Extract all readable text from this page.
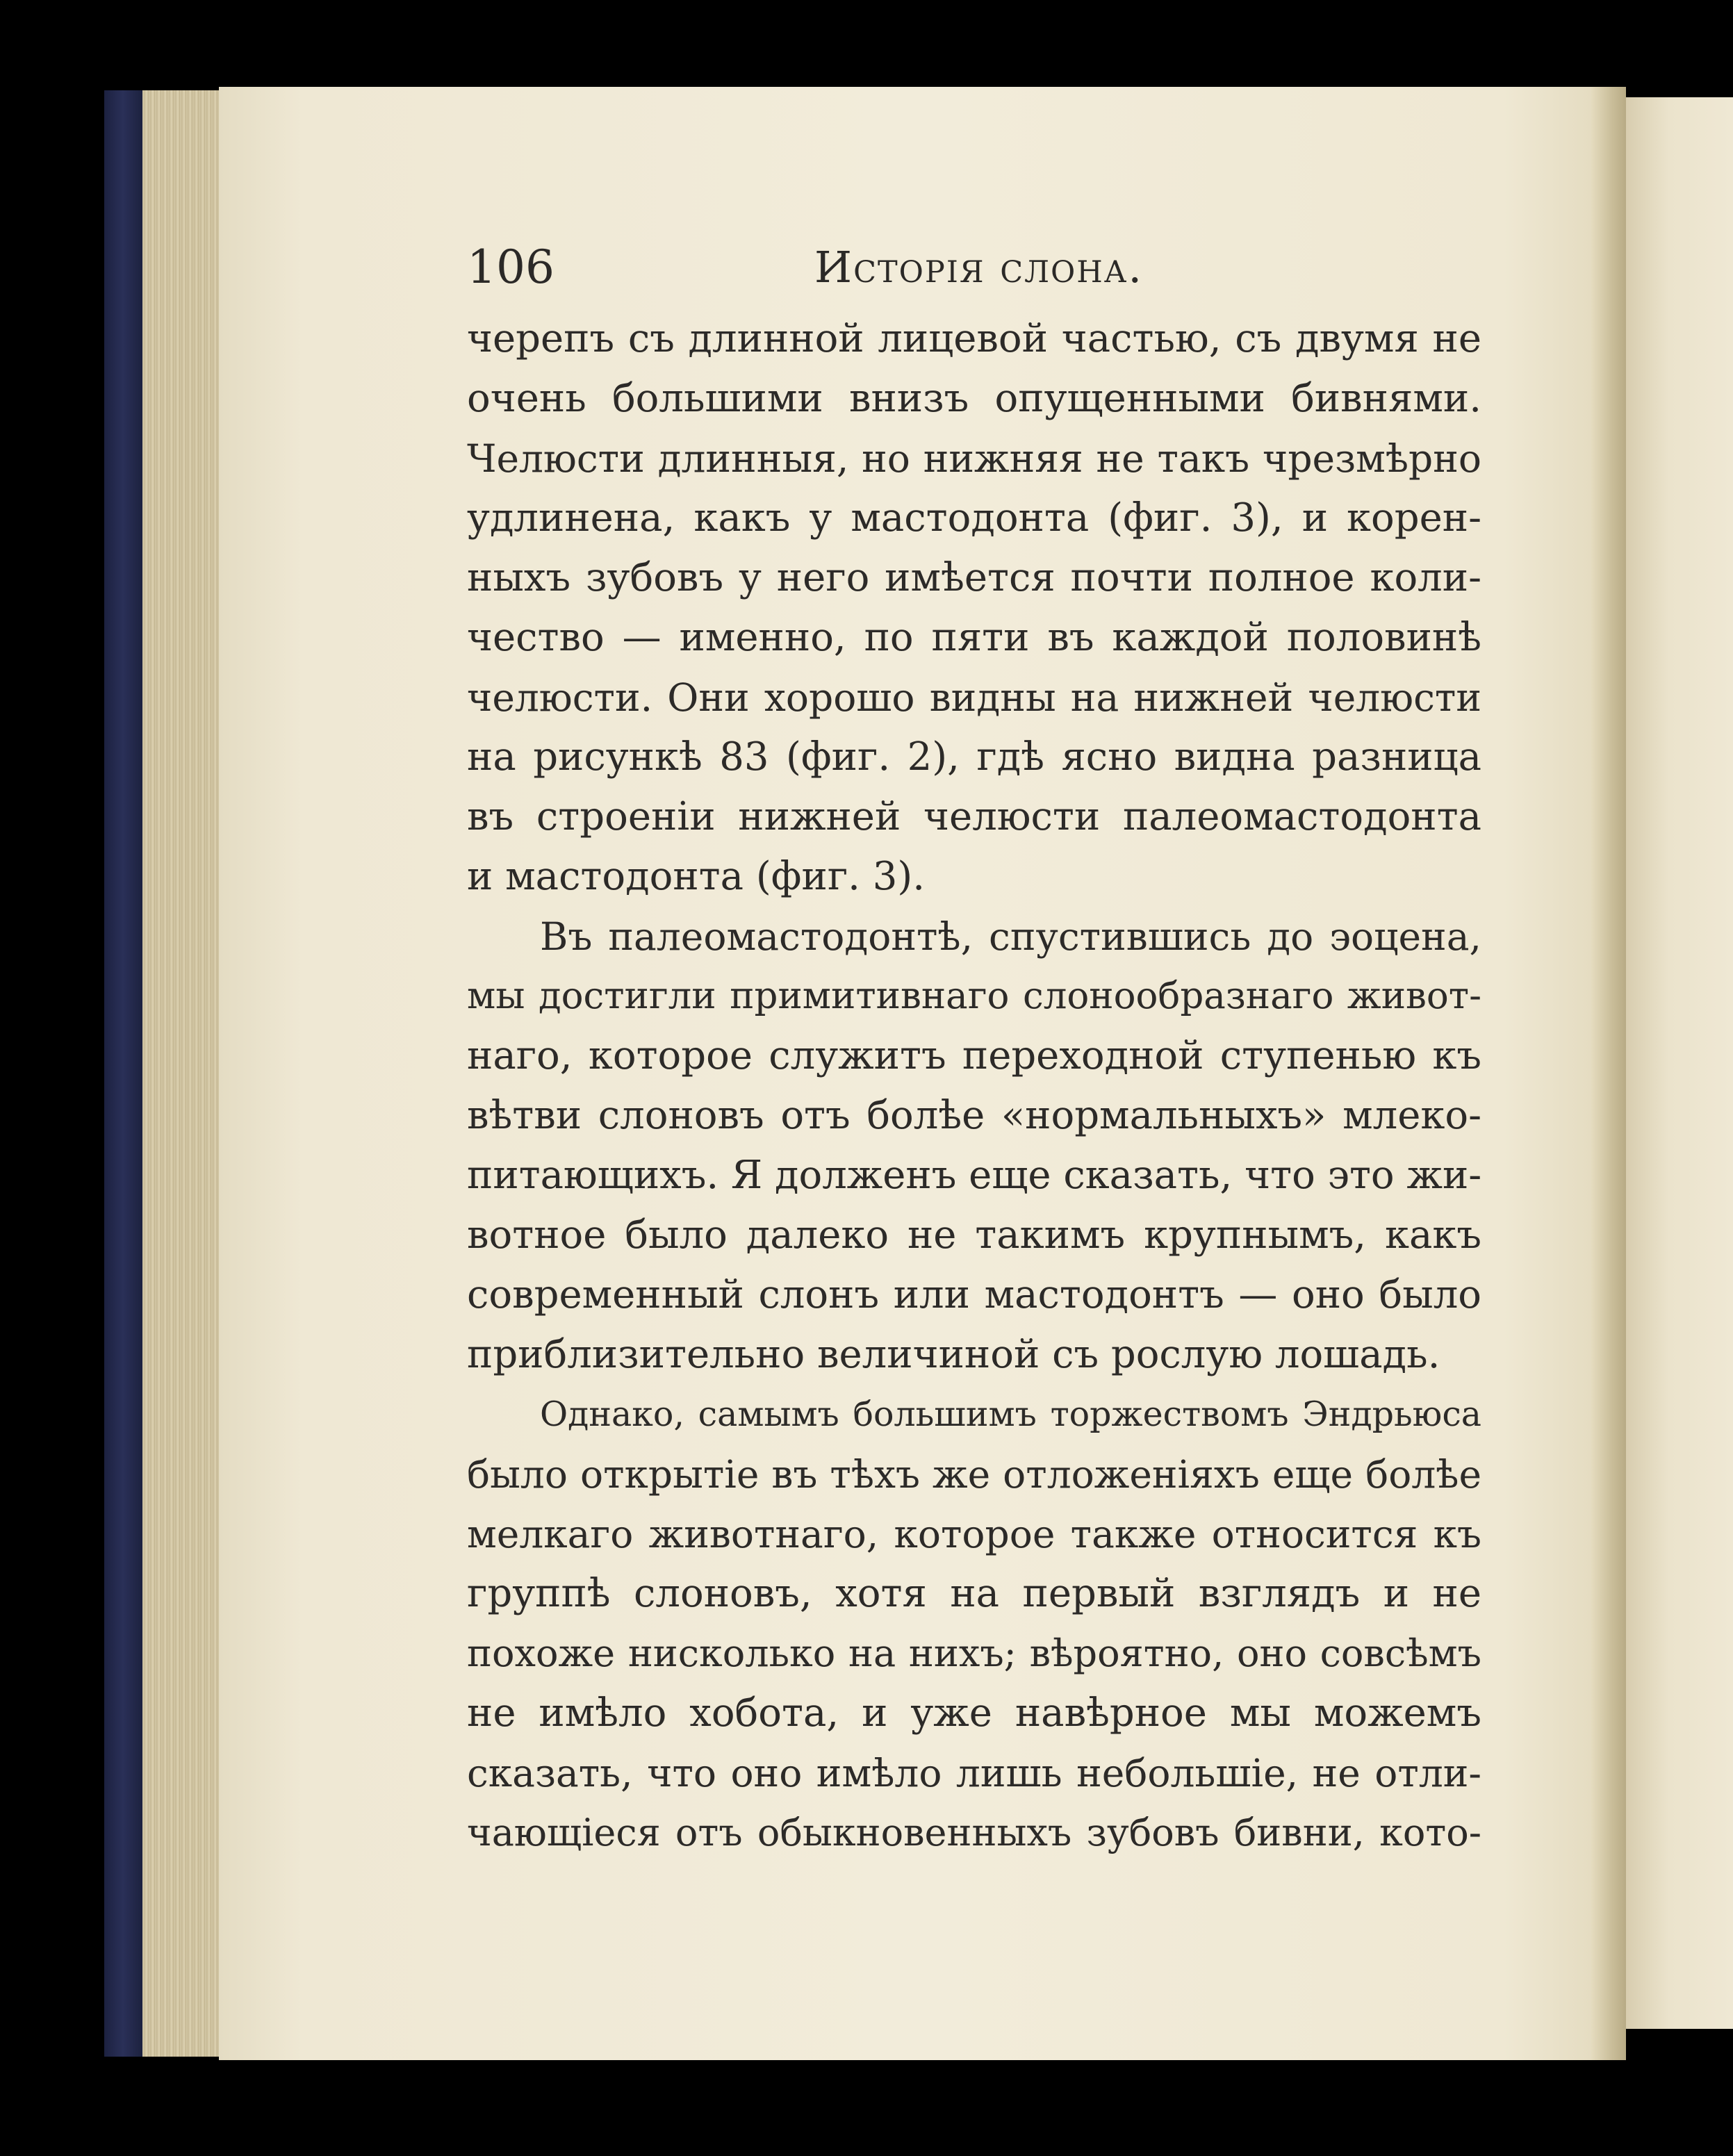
106	Исторія слона.
черепъ съ длинной лицевой частью, съ двумя не
очень большими внизъ опущенными бивнями.
Челюсти длинныя, но нижняя не такъ чрезмѣрно
удлинена, какъ у мастодонта (фиг. 3), и корен-
ныхъ зубовъ у него имѣется почти полное коли-
чество — именно, по пяти въ каждой половинѣ
челюсти. Они хорошо видны на нижней челюсти
на рисункѣ 83 (фиг. 2), гдѣ ясно видна разница
въ строеніи нижней челюсти палеомастодонта
и мастодонта (фиг. 3).
Въ палеомастодонтѣ, спустившись до эоцена,
мы достигли примитивнаго слонообразнаго живот-
наго, которое служитъ переходной ступенью къ
вѣтви слоновъ отъ болѣе «нормальныхъ» млеко-
питающихъ. Я долженъ еще сказать, что это жи-
вотное было далеко не такимъ крупнымъ, какъ
современный слонъ или мастодонтъ — оно было
приблизительно величиной съ рослую лошадь.
Однако, самымъ большимъ торжествомъ Эндрьюса
было открытіе въ тѣхъ же отложеніяхъ еще болѣе
мелкаго животнаго, которое также относится къ
группѣ слоновъ, хотя на первый взглядъ и не
похоже нисколько на нихъ; вѣроятно, оно совсѣмъ
не имѣло хобота, и уже навѣрное мы можемъ
сказать, что оно имѣло лишь небольшіе, не отли-
чающіеся отъ обыкновенныхъ зубовъ бивни, кото-
